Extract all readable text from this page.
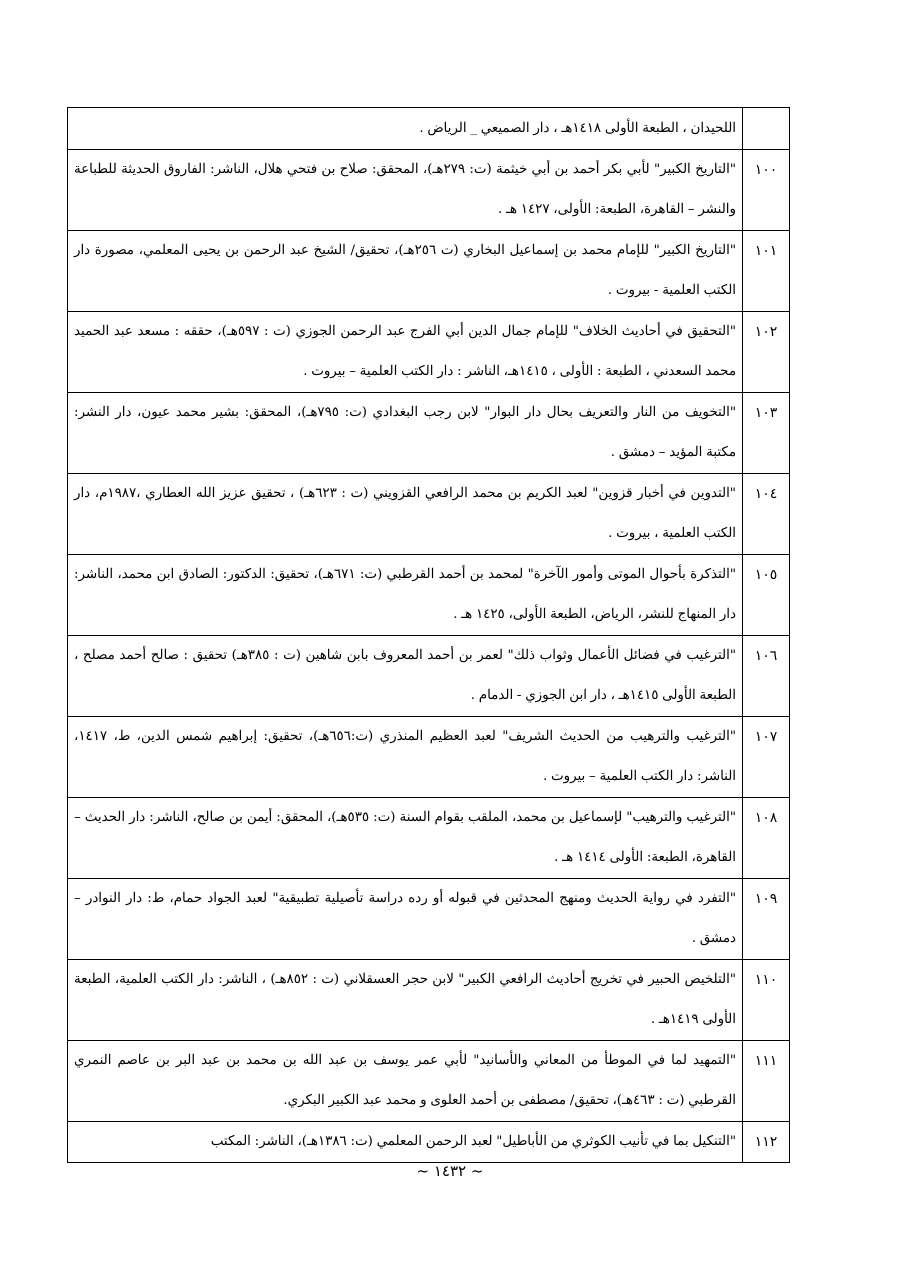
	اللحيدان ، الطبعة الأولى ١٤١٨هـ ، دار الصميعي _ الرياض .
١٠٠	"التاريخ الكبير" لأبي بكر أحمد بن أبي خيثمة (ت: ٢٧٩هـ)، المحقق: صلاح بن فتحي هلال، الناشر: الفاروق الحديثة للطباعة والنشر – القاهرة، الطبعة: الأولى، ١٤٢٧ هـ .
١٠١	"التاريخ الكبير" للإمام محمد بن إسماعيل البخاري (ت ٢٥٦هـ)، تحقيق/ الشيخ عبد الرحمن بن يحيى المعلمي، مصورة دار الكتب العلمية - بيروت .
١٠٢	"التحقيق في أحاديث الخلاف" للإمام جمال الدين أبي الفرج عبد الرحمن الجوزي (ت : ٥٩٧هـ)، حققه : مسعد عبد الحميد محمد السعدني ، الطبعة : الأولى ، ١٤١٥هـ، الناشر : دار الكتب العلمية – بيروت .
١٠٣	"التخويف من النار والتعريف بحال دار البوار" لابن رجب البغدادي (ت: ٧٩٥هـ)، المحقق: بشير محمد عيون، دار النشر: مكتبة المؤيد – دمشق .
١٠٤	"التدوين في أخبار قزوين" لعبد الكريم بن محمد الرافعي القزويني (ت : ٦٢٣هـ) ، تحقيق عزيز الله العطاري ،١٩٨٧م، دار الكتب العلمية ، بيروت .
١٠٥	"التذكرة بأحوال الموتى وأمور الآخرة" لمحمد بن أحمد القرطبي (ت: ٦٧١هـ)، تحقيق: الدكتور: الصادق ابن محمد، الناشر: دار المنهاج للنشر، الرياض، الطبعة الأولى، ١٤٢٥ هـ .
١٠٦	"الترغيب في فضائل الأعمال وثواب ذلك" لعمر بن أحمد المعروف بابن شاهين (ت : ٣٨٥هـ) تحقيق : صالح أحمد مصلح ، الطبعة الأولى ١٤١٥هـ ، دار ابن الجوزي - الدمام .
١٠٧	"الترغيب والترهيب من الحديث الشريف" لعبد العظيم المنذري (ت:٦٥٦هـ)، تحقيق: إبراهيم شمس الدين، ط، ١٤١٧، الناشر: دار الكتب العلمية – بيروت .
١٠٨	"الترغيب والترهيب" لإسماعيل بن محمد، الملقب بقوام السنة (ت: ٥٣٥هـ)، المحقق: أيمن بن صالح، الناشر: دار الحديث – القاهرة، الطبعة: الأولى ١٤١٤ هـ .
١٠٩	"التفرد في رواية الحديث ومنهج المحدثين في قبوله أو رده دراسة تأصيلية تطبيقية" لعبد الجواد حمام، ط: دار النوادر – دمشق .
١١٠	"التلخيص الحبير في تخريج أحاديث الرافعي الكبير" لابن حجر العسقلاني (ت : ٨٥٢هـ) ، الناشر: دار الكتب العلمية، الطبعة الأولى ١٤١٩هـ .
١١١	"التمهيد لما في الموطأ من المعاني والأسانيد" لأبي عمر يوسف بن عبد الله بن محمد بن عبد البر بن عاصم النمري القرطبي (ت : ٤٦٣هـ)، تحقيق/ مصطفى بن أحمد العلوى و محمد عبد الكبير البكري.
١١٢	"التنكيل بما في تأنيب الكوثري من الأباطيل" لعبد الرحمن المعلمي (ت: ١٣٨٦هـ)، الناشر: المكتب
~ ١٤٣٢ ~
